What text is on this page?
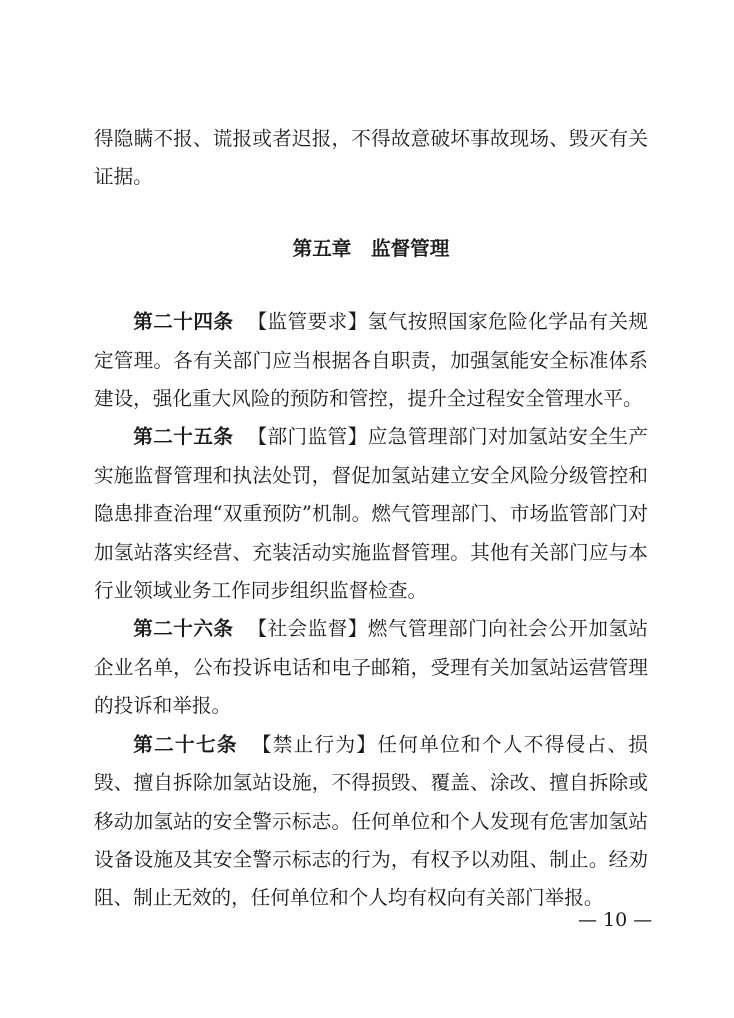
得隐瞒不报、谎报或者迟报，不得故意破坏事故现场、毁灭有关证据。

第五章　监督管理

第二十四条 【监管要求】氢气按照国家危险化学品有关规定管理。各有关部门应当根据各自职责，加强氢能安全标准体系建设，强化重大风险的预防和管控，提升全过程安全管理水平。

第二十五条 【部门监管】应急管理部门对加氢站安全生产实施监督管理和执法处罚，督促加氢站建立安全风险分级管控和隐患排查治理“双重预防”机制。燃气管理部门、市场监管部门对加氢站落实经营、充装活动实施监督管理。其他有关部门应与本行业领域业务工作同步组织监督检查。

第二十六条 【社会监督】燃气管理部门向社会公开加氢站企业名单，公布投诉电话和电子邮箱，受理有关加氢站运营管理的投诉和举报。

第二十七条 【禁止行为】任何单位和个人不得侵占、损毁、擅自拆除加氢站设施，不得损毁、覆盖、涂改、擅自拆除或移动加氢站的安全警示标志。任何单位和个人发现有危害加氢站设备设施及其安全警示标志的行为，有权予以劝阻、制止。经劝阻、制止无效的，任何单位和个人均有权向有关部门举报。

— 10 —
